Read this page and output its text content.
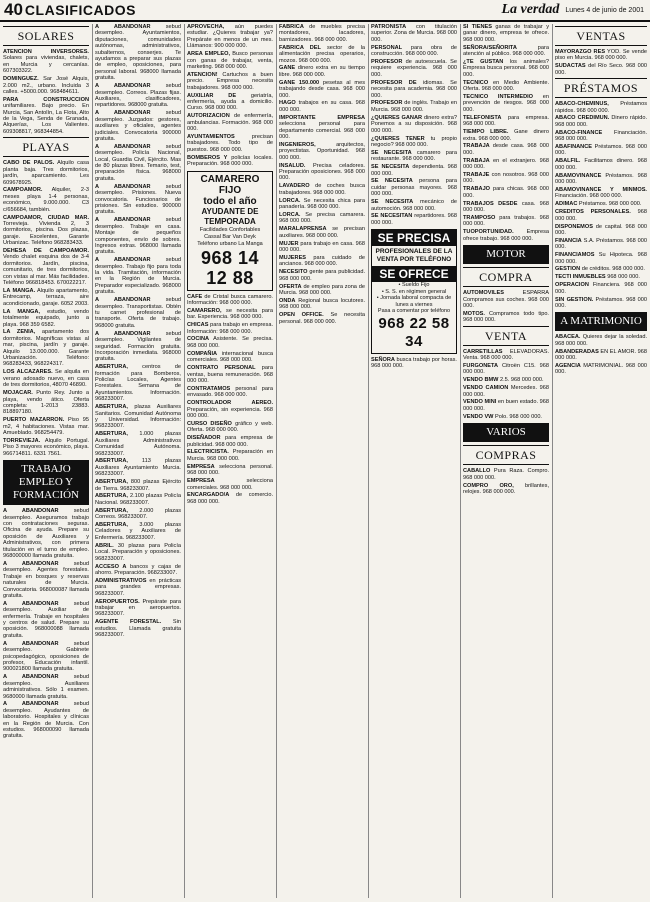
40 CLASIFICADOS	La verdad Lunes 4 de junio de 2001
SOLARES

ATENCION INVERSORES. Solares para viviendas, chalets, en Murcia y cercanías. 607303322.

DOMINGUEZ. Sar José Alquis, 2.000 m2., urbano. Incluida 3 calles. +5000.000. 968484611.

PARA CONSTRUCCION unifamiliares. Bajo precio. En Murcia, San Antolín, La Flota, Alto de la Vega, Senda de Granada, Alquerías, Los Valientes. 609308817, 968344854.

PLAYAS

CABO DE PALOS. Alquilo casa planta baja. Tres dormitorios, jardín, aparcamiento. Les 609678925.

CAMPOAMOR. Alquiler, 2-3 meses playa 1-4 personas, económico, 9.000.000. C3 c/656684, también.

CAMPOAMOR, CIUDAD MAR. Torrevieja. Vivienda 2, 3 dormitorios, piscina. Dos plazas, garaje. Excelentes, Garante Urbanizac. Teléfono 968283433.

DEHESA DE CAMPOAMOR. Vendo chalet esquina dos de 3-4 dormitorios. Jardín, piscina, comunitario, de tres dormitorios, con vistas al mar. Más facilidades. Teléfono 966818453. 670022217.

LA MANGA. Alquilo apartamento, Entrecamp, terraza, aire acondicionado, garaje. 6052 2003.

LA MANGA, estudio, vendo totalmente equipado, junto a playa. 968 359 6582.

LA ZENIA, apartamento dos dormitorios. Magníficas vistas al mar, piscina, jardín y garaje. Alquilo 13.000.000. Garante Urbanización. Teléfono: 968283433, 968224317.

LOS ALCAZARES. Se alquila en verano adosado nuevo, en casa de tres dormitorios, 48070 46890.

MOJACAR. Punto Rey. Junto a playa, vendo ático. Oferta completa: 1-2013 23883. 818897180.

PUERTO MAZARRON. Piso 95 m2, 4 habitaciones. Vistas mar. Amueblado. 968254479.

TORREVIEJA. Alquilo Portugal. Piso 3 mayores económico, playa. 966714811. 6331 7561.

TRABAJO
EMPLEO Y
FORMACIÓN

A ABANDONAR sebud desempleo. Aseguramos trabajo con contrataciones seguras. Oficina de ayuda. Prepare su oposición de Auxiliares y Administrativos, con primera titulación en el turno de empleo. 968000000 llamada gratuita.

A ABANDONAR sebud desempleo. Agentes forestales. Trabaje en bosques y reservas naturales de Murcia. Convocatoria. 968000087 llamada gratuita.

A ABANDONAR sebud desempleo. Auxiliar de enfermería. Trabaje en hospitales y centros de salud. Prepare su oposición. 968000088 llamada gratuita.

A ABANDONAR sebud desempleo. Gabinete psicopedagógico, oposiciones de profesor, Educación infantil. 900021800 llamada gratuita.

A ABANDONAR sebud desempleo. Auxiliares administrativos. Sólo 1 examen. 9680000 llamada gratuita.

A ABANDONAR sebud desempleo. Ayudantes de laboratorio. Hospitales y clínicas en la Región de Murcia. Con estudios. 968000090 llamada gratuita.

A ABANDONAR sebud desempleo. Ayuntamientos, diputaciones, comunidades autónomas, administrativos, subalternos, conserjes. Te ayudamos a preparar sus plazas de empleo, oposiciones, para personal laboral. 968000 llamada gratuita.

A ABANDONAR sebud desempleo. Correos. Plazas fijas. Auxiliares, clasificadores, repartidores. 968000 gratuita.

A ABANDONAR sebud desempleo. Juzgados: gestores, auxiliares y oficiales, agentes judiciales. Convocatoria 900000 gratuita.

A ABANDONAR sebud desempleo. Policía Nacional, Local, Guardia Civil, Ejército. Mas de 80 plazas libres. Temario, test, preparación física. 968000 gratuita.

A ABANDONAR sebud desempleo. Prisiones. Nueva convocatoria. Funcionarios de prisiones. Sin estudios. 900000 gratuita.

A ABANDONAR sebud desempleo. Trabaje en casa. Montaje de pequeños componentes, envío de sobres. Ingresos extras. 968000 llamada gratuita.

A ABANDONAR sebud desempleo. Trabajo fijo para toda la vida. Tramitación, información en la Región de Murcia. Preparador especializado. 968000 gratuita.

A ABANDONAR sebud desempleo. Transportistas. Obtén tu carnet profesional de transporte. Oferta de trabajo. 968000 gratuita.

A ABANDONAR sebud desempleo. Vigilantes de seguridad. Formación gratuita. Incorporación inmediata. 968000 gratuita.

ABERTURA, centros de formación para Bomberos, Policías Locales, Agentes Forestales. Semana de Ayuntamientos. Información. 968233007.

ABERTURA, plazas Auxiliares Sanitarios. Comunidad Autónoma y Universidad. Información: 968233007.

ABERTURA, 1.000 plazas Auxiliares Administrativos Comunidad Autónoma. 968233007.

ABERTURA, 113 plazas Auxiliares Ayuntamiento Murcia. 968233007.

ABERTURA, 800 plazas Ejército de Tierra. 968233007.

ABERTURA, 2.100 plazas Policía Nacional. 968233007.

ABERTURA, 2.000 plazas Correos. 968233007.

ABERTURA, 3.000 plazas Celadores y Auxiliares de Enfermería. 968233007.

ABRIL. 30 plazas para Policía Local. Preparación y oposiciones. 968233007.

ACCESO A bancos y cajas de ahorro. Preparación. 968233007.

ADMINISTRATIVOS en prácticas para grandes empresas. 968233007.

AEROPUERTOS. Prepárate para trabajar en aeropuertos. 968233007.

AGENTE FORESTAL. Sin estudios. Llamada gratuita 968233007.

APROVECHA, aún puedes estudiar. ¿Quieres trabajar ya? Prepárate en menos de un mes. Llámanos: 900 000 000.

AREA EMPLEO, Busco personas con ganas de trabajar, venta, marketing. 968 000 000.

ATENCION! Cartuchos a buen precio. Empresa necesita trabajadores. 968 000 000.

AUXILIAR DE geriatría, enfermería, ayuda a domicilio. Curso. 968 000 000.

AUTORIZACION de enfermería, ambulancias. Formación. 968 000 000.

AYUNTAMIENTOS precisan trabajadores. Todo tipo de puestos. 968 000 000.

BOMBEROS Y policías locales. Preparación. 968 000 000.

CAMARERO FIJO
todo el año
AYUDANTE DE TEMPORADA
Facilidades Confortables
Cassal Bar Van Deyk
Teléfono urbano La Manga
968 14 12 88

CAFE de Cristal busca camarero. Información: 968 000 000.

CAMARERO, se necesita para bar. Experiencia. 968 000 000.

CHICAS para trabajo en empresa. Información: 968 000 000.

COCINA Asistente. Se precisa. 968 000 000.

COMPAÑIA internacional busca comerciales. 968 000 000.

CONTRATO PERSONAL para ventas, buena remuneración. 968 000 000.

CONTRATAMOS personal para envasado. 968 000 000.

CONTROLADOR AEREO. Preparación, sin experiencia. 968 000 000.

CURSO DISEÑO gráfico y web. Oferta. 968 000 000.

DISEÑADOR para empresa de publicidad. 968 000 000.

ELECTRICISTA. Preparación en Murcia. 968 000 000.

EMPRESA selecciona personal. 968 000 000.

EMPRESA selecciona comerciales. 968 000 000.

ENCARGADO/A de comercio. 968 000 000.

FABRICA de muebles precisa montadores, lacadores, barnizadores. 968 000 000.

FABRICA DEL sector de la alimentación precisa operarios, mozos. 968 000 000.

GANE dinero extra en su tiempo libre. 968 000 000.

GANE 150.000 pesetas al mes trabajando desde casa. 968 000 000.

HAGO trabajos en su casa. 968 000 000.

IMPORTANTE EMPRESA selecciona personal para departamento comercial. 968 000 000.

INGENIEROS, arquitectos, proyectistas. Oportunidad. 968 000 000.

INSALUD. Precisa celadores. Preparación oposiciones. 968 000 000.

LAVADERO de coches busca trabajadores. 968 000 000.

LORCA. Se necesita chica para panadería. 968 000 000.

LORCA. Se precisa camarera. 968 000 000.

MARALAPRENSA se precisan auxiliares. 968 000 000.

MUJER para trabajo en casa. 968 000 000.

MUJERES para cuidado de ancianos. 968 000 000.

NECESITO gente para publicidad. 968 000 000.

OFERTA de empleo para zona de Murcia. 968 000 000.

ONDA Regional busca locutores. 968 000 000.

OPEN OFFICE. Se necesita personal. 968 000 000.

PATRONISTA con titulación superior. Zona de Murcia. 968 000 000.

PERSONAL para obra de construcción. 968 000 000.

PROFESOR de autoescuela. Se requiere experiencia. 968 000 000.

PROFESOR DE idiomas. Se necesita para academia. 968 000 000.

PROFESOR de inglés. Trabajo en Murcia. 968 000 000.

¿QUIERES GANAR dinero extra? Ponemos a su disposición. 968 000 000.

¿QUIERES TENER tu propio negocio? 968 000 000.

SE NECESITA camarero para restaurante. 968 000 000.

SE NECESITA dependienta. 968 000 000.

SE NECESITA persona para cuidar personas mayores. 968 000 000.

SE NECESITA mecánico de automoción. 968 000 000.

SE NECESITAN repartidores. 968 000 000.

SE PRECISA
PROFESIONALES DE LA VENTA POR TELÉFONO
SE OFRECE
• Sueldo Fijo
• S. S. en régimen general
• Jornada laboral compacta de lunes a viernes
Pasa a comentar por teléfono
968 22 58 34

SEÑORA busca trabajo por horas. 968 000 000.

SI TIENES ganas de trabajar y ganar dinero, empresa te ofrece. 968 000 000.

SEÑORA/SEÑORITA para atención al público. 968 000 000.

¿TE GUSTAN los animales? Empresa busca personal. 968 000 000.

TECNICO en Medio Ambiente. Oferta. 968 000 000.

TECNICO INTERMEDIO en prevención de riesgos. 968 000 000.

TELEFONISTA para empresa. 968 000 000.

TIEMPO LIBRE. Gane dinero extra. 968 000 000.

TRABAJA desde casa. 968 000 000.

TRABAJA en el extranjero. 968 000 000.

TRABAJE con nosotros. 968 000 000.

TRABAJO para chicas. 968 000 000.

TRABAJOS DESDE casa. 968 000 000.

TRAMPOSO para trabajos. 968 000 000.

TUOPORTUNIDAD. Empresa ofrece trabajo. 968 000 000.

MOTOR
COMPRA

AUTOMOVILES ESPARRA Compramos sus coches. 968 000 000.

MOTOS. Compramos todo tipo. 968 000 000.

VENTA

CARRETILLAS ELEVADORAS. Venta. 968 000 000.

FURGONETA Citroën C15. 968 000 000.

VENDO BMW 2.5. 968 000 000.

VENDO CAMION Mercedes. 968 000 000.

VENDO MINI en buen estado. 968 000 000.

VENDO VW Polo. 968 000 000.

VARIOS
COMPRAS

CABALLO Pura Raza. Compro. 968 000 000.

COMPRO ORO, brillantes, relojes. 968 000 000.

VENTAS

MAYORAZGO RES YOD. Se vende piso en Murcia. 968 000 000.

SUDACTAS del Río Seco. 968 000 000.

PRÉSTAMOS

ABACO-CHEMINUS, Préstamos rápidos. 968 000 000.

ABACO CREDIMUN. Dinero rápido. 968 000 000.

ABACO-FINANCE Financiación. 968 000 000.

ABAFINANCE Préstamos. 968 000 000.

ABALFIL. Facilitamos dinero. 968 000 000.

ABAMOVINANCE Préstamos. 968 000 000.

ABAMOVINANCE Y MINMOS. Financiación. 968 000 000.

ADIMAC Préstamos. 968 000 000.

CREDITOS PERSONALES. 968 000 000.

DISPONEMOS de capital. 968 000 000.

FINANCIA S.A. Préstamos. 968 000 000.

FINANCIAMOS Su Hipoteca. 968 000 000.

GESTION de créditos. 968 000 000.

TECTI INMUEBLES 968 000 000.

OPERACION Financiera. 968 000 000.

SIN GESTION. Préstamos. 968 000 000.

A MATRIMONIO

ABACEA. Quieres dejar la soledad. 968 000 000.

ABANDERADAS EN EL AMOR. 968 000 000.

AGENCIA MATRIMONIAL. 968 000 000.
